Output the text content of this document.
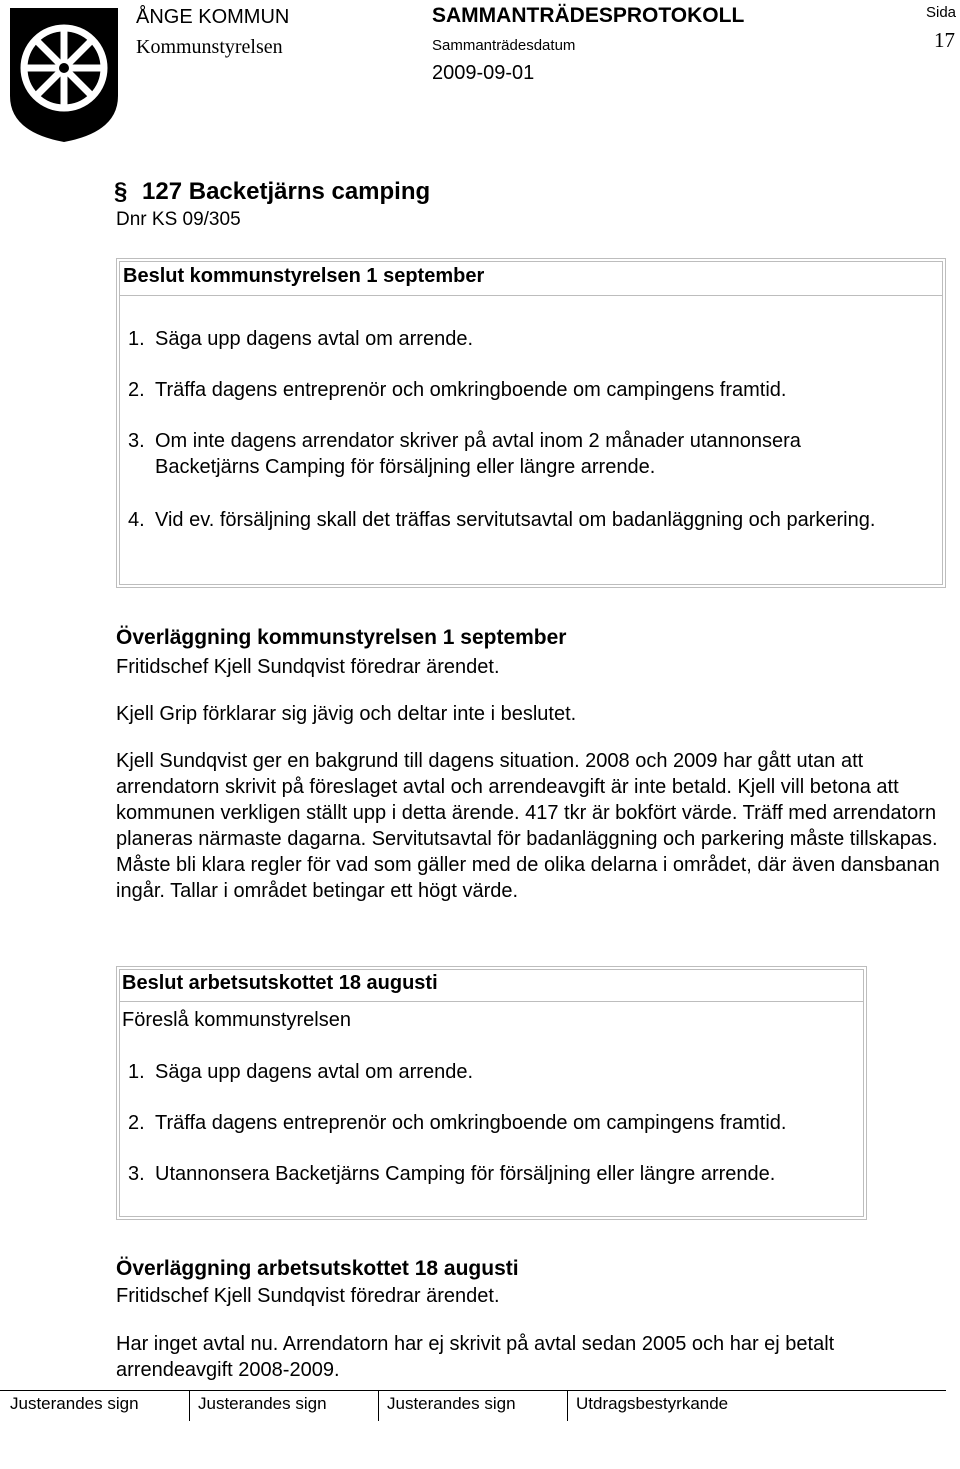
ÅNGE KOMMUN
Kommunstyrelsen
SAMMANTRÄDESPROTOKOLL
Sammanträdesdatum
2009-09-01
Sida
17
§ 127 Backetjärns camping
Dnr KS 09/305
Beslut kommunstyrelsen 1 september
1. Säga upp dagens avtal om arrende.
2. Träffa dagens entreprenör och omkringboende om campingens framtid.
3. Om inte dagens arrendator skriver på avtal inom 2 månader utannonsera Backetjärns Camping för försäljning eller längre arrende.
4. Vid ev. försäljning skall det träffas servitutsavtal om badanläggning och parkering.
Överläggning kommunstyrelsen 1 september
Fritidschef Kjell Sundqvist föredrar ärendet.
Kjell Grip förklarar sig jävig och deltar inte i beslutet.
Kjell Sundqvist ger en bakgrund till dagens situation. 2008 och 2009 har gått utan att arrendatorn skrivit på föreslaget avtal och arrendeavgift är inte betald. Kjell vill betona att kommunen verkligen ställt upp i detta ärende. 417 tkr är bokfört värde. Träff med arrendatorn planeras närmaste dagarna. Servitutsavtal för badanläggning och parkering måste tillskapas. Måste bli klara regler för vad som gäller med de olika delarna i området, där även dansbanan ingår. Tallar i området betingar ett högt värde.
Beslut arbetsutskottet 18 augusti
Föreslå kommunstyrelsen
1. Säga upp dagens avtal om arrende.
2. Träffa dagens entreprenör och omkringboende om campingens framtid.
3. Utannonsera Backetjärns Camping för försäljning eller längre arrende.
Överläggning arbetsutskottet 18 augusti
Fritidschef Kjell Sundqvist föredrar ärendet.
Har inget avtal nu. Arrendatorn har ej skrivit på avtal sedan 2005 och har ej betalt arrendeavgift 2008-2009.
Justerandes sign	Justerandes sign	Justerandes sign	Utdragsbestyrkande
